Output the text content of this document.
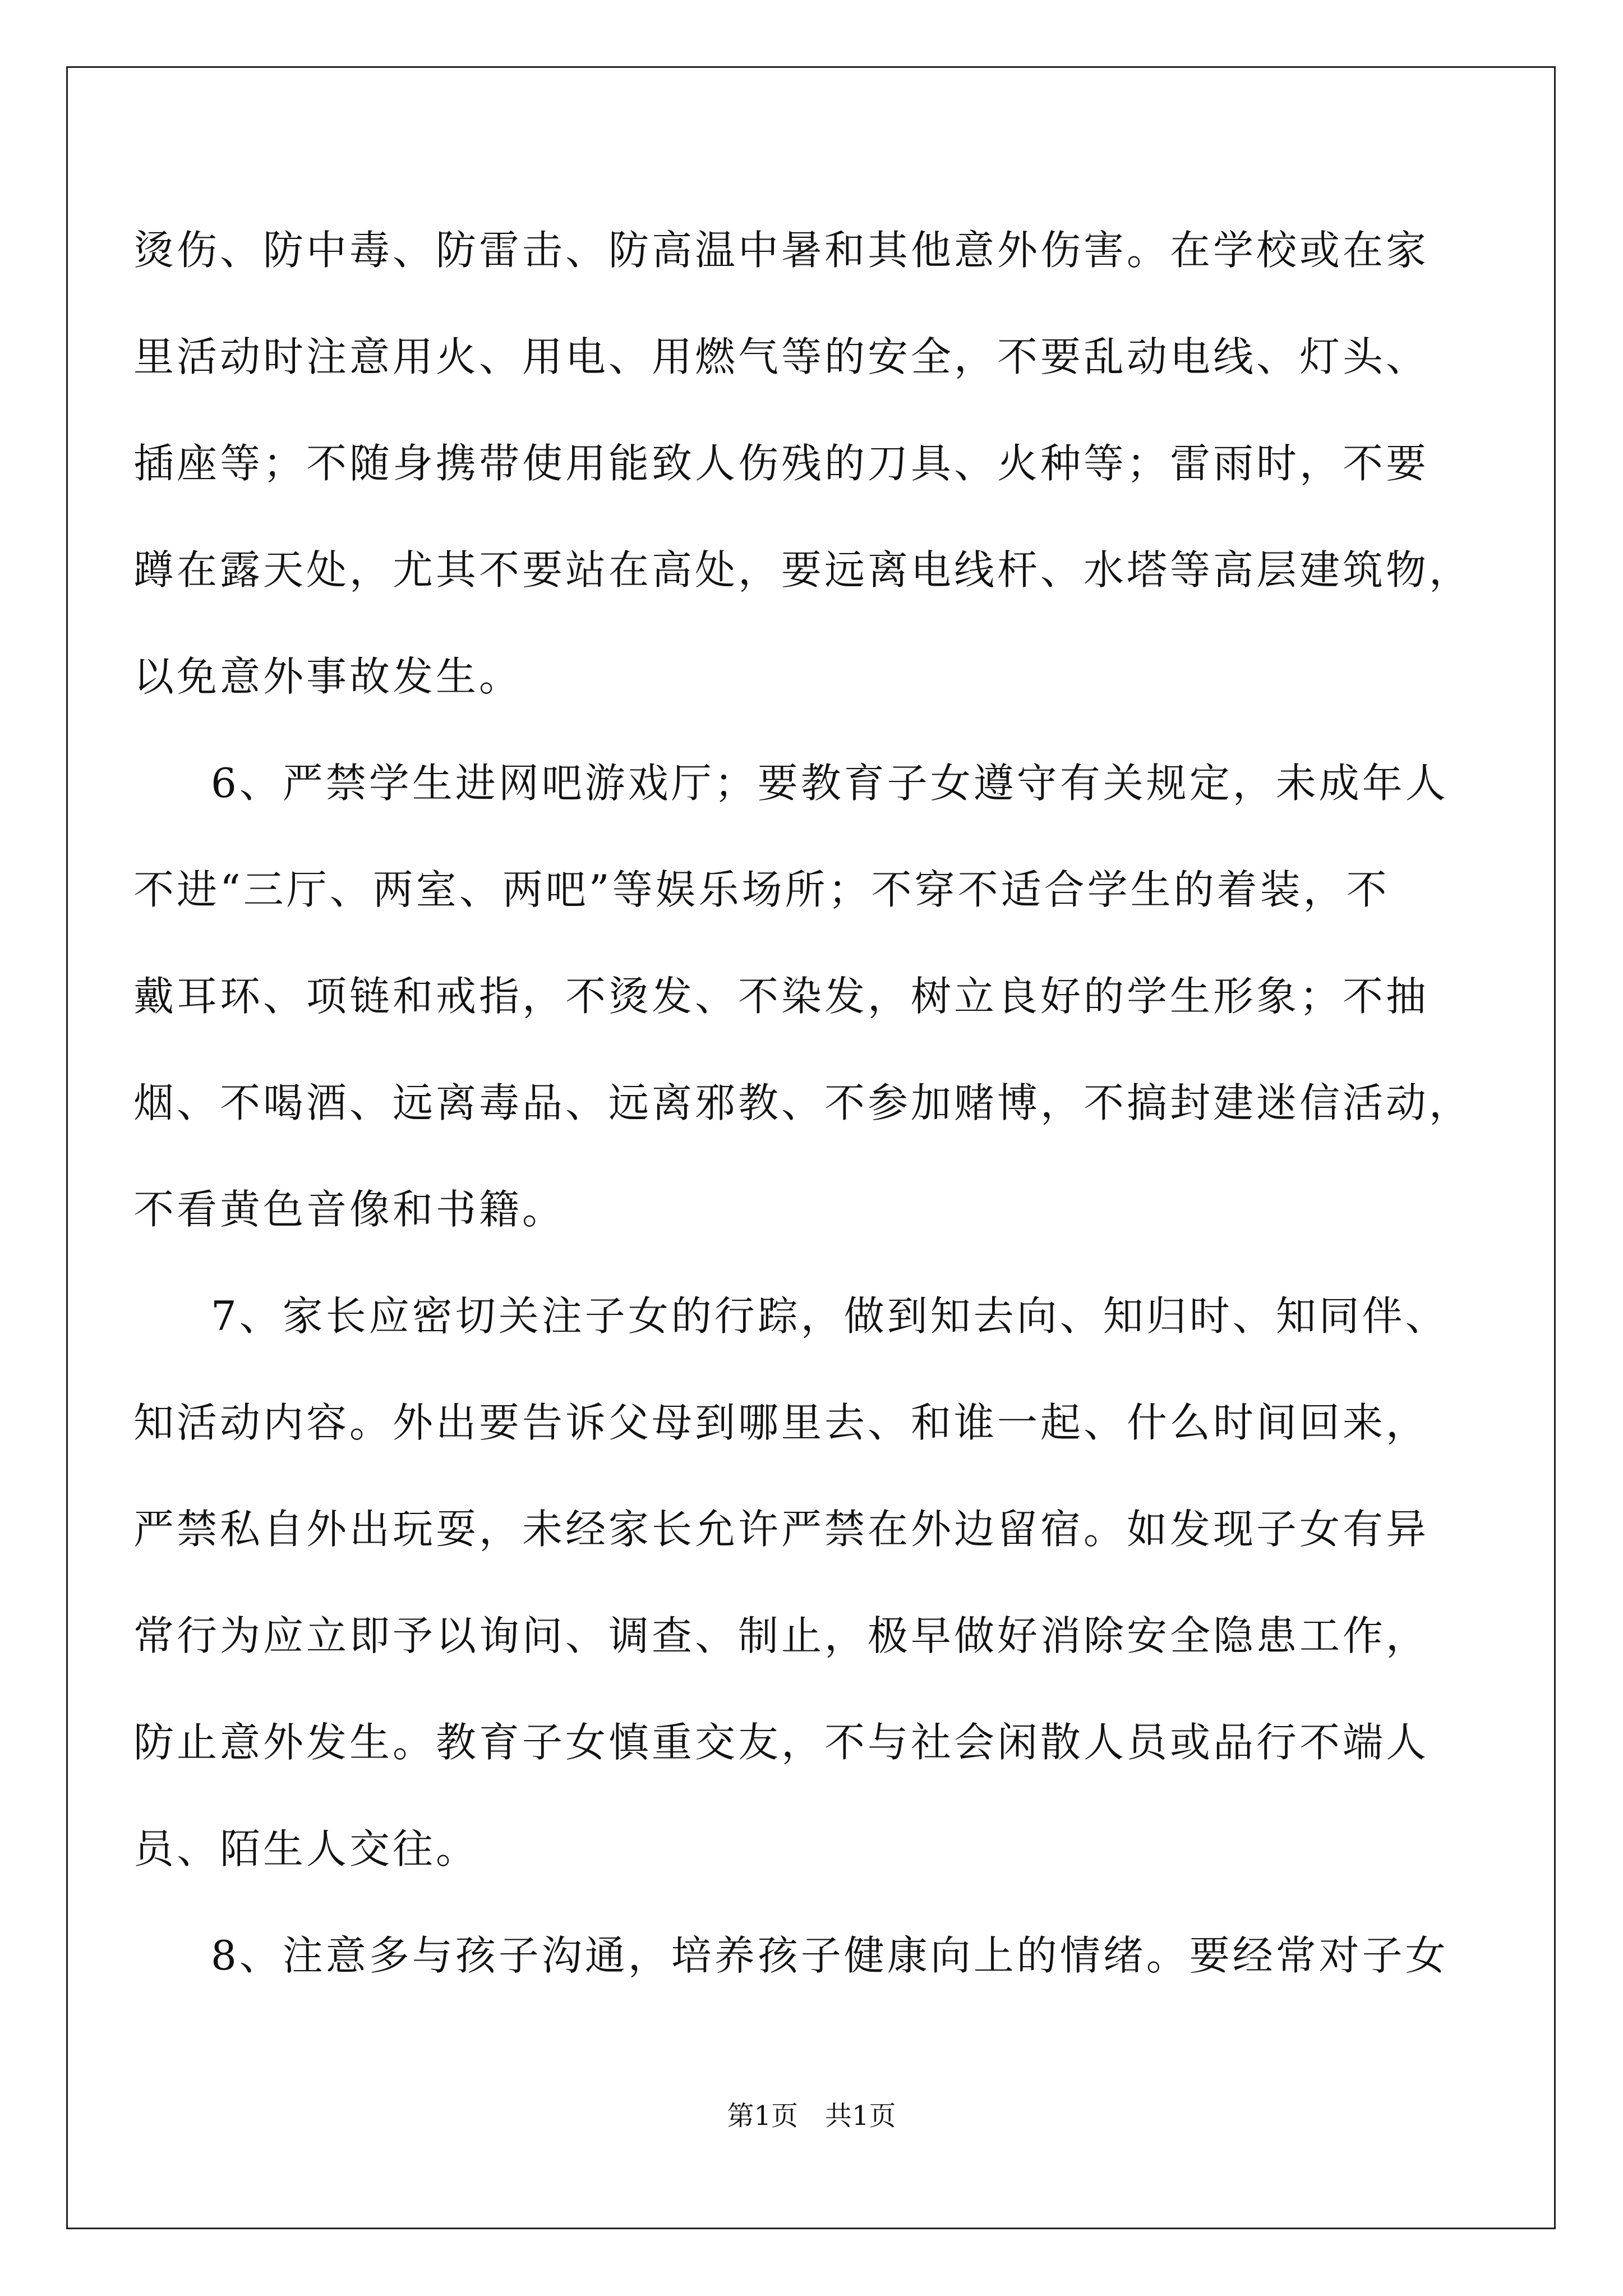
烫伤、防中毒、防雷击、防高温中暑和其他意外伤害。在学校或在家
里活动时注意用火、用电、用燃气等的安全，不要乱动电线、灯头、
插座等；不随身携带使用能致人伤残的刀具、火种等；雷雨时，不要
蹲在露天处，尤其不要站在高处，要远离电线杆、水塔等高层建筑物，
以免意外事故发生。
6、严禁学生进网吧游戏厅；要教育子女遵守有关规定，未成年人
不进“三厅、两室、两吧”等娱乐场所；不穿不适合学生的着装，不
戴耳环、项链和戒指，不烫发、不染发，树立良好的学生形象；不抽
烟、不喝酒、远离毒品、远离邪教、不参加赌博，不搞封建迷信活动，
不看黄色音像和书籍。
7、家长应密切关注子女的行踪，做到知去向、知归时、知同伴、
知活动内容。外出要告诉父母到哪里去、和谁一起、什么时间回来，
严禁私自外出玩耍，未经家长允许严禁在外边留宿。如发现子女有异
常行为应立即予以询问、调查、制止，极早做好消除安全隐患工作，
防止意外发生。教育子女慎重交友，不与社会闲散人员或品行不端人
员、陌生人交往。
8、注意多与孩子沟通，培养孩子健康向上的情绪。要经常对子女
第1页　共1页
